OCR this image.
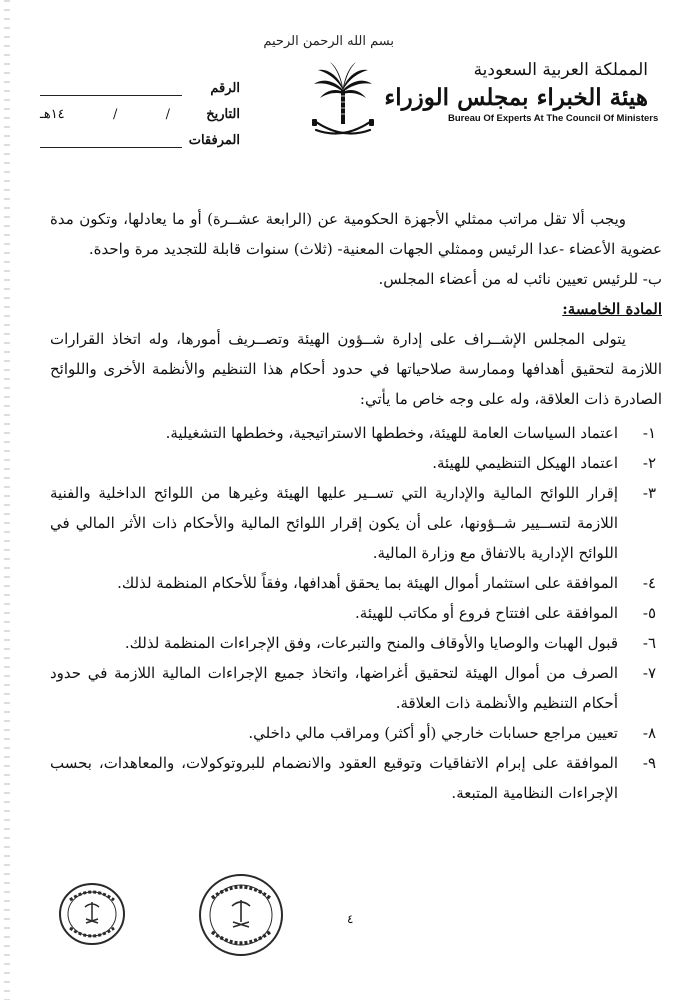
بسم الله الرحمن الرحيم
الرقم
التاريخ
/
/
١٤هـ
المرفقات
المملكة العربية السعودية
هيئة الخبراء بمجلس الوزراء
Bureau Of Experts At The Council Of Ministers

ويجب ألا تقل مراتب ممثلي الأجهزة الحكومية عن (الرابعة عشــرة) أو ما يعادلها، وتكون مدة عضوية الأعضاء -عدا الرئيس وممثلي الجهات المعنية- (ثلاث) سنوات قابلة للتجديد مرة واحدة.

ب- للرئيس تعيين نائب له من أعضاء المجلس.

المادة الخامسة:

يتولى المجلس الإشــراف على إدارة شــؤون الهيئة وتصــريف أمورها، وله اتخاذ القرارات اللازمة لتحقيق أهدافها وممارسة صلاحياتها في حدود أحكام هذا التنظيم والأنظمة الأخرى واللوائح الصادرة ذات العلاقة، وله على وجه خاص ما يأتي:

١-
اعتماد السياسات العامة للهيئة، وخططها الاستراتيجية، وخططها التشغيلية.
٢-
اعتماد الهيكل التنظيمي للهيئة.
٣-
إقرار اللوائح المالية والإدارية التي تســير عليها الهيئة وغيرها من اللوائح الداخلية والفنية اللازمة لتســيير شــؤونها، على أن يكون إقرار اللوائح المالية والأحكام ذات الأثر المالي في اللوائح الإدارية بالاتفاق مع وزارة المالية.
٤-
الموافقة على استثمار أموال الهيئة بما يحقق أهدافها، وفقاً للأحكام المنظمة لذلك.
٥-
الموافقة على افتتاح فروع أو مكاتب للهيئة.
٦-
قبول الهبات والوصايا والأوقاف والمنح والتبرعات، وفق الإجراءات المنظمة لذلك.
٧-
الصرف من أموال الهيئة لتحقيق أغراضها، واتخاذ جميع الإجراءات المالية اللازمة في حدود أحكام التنظيم والأنظمة ذات العلاقة.
٨-
تعيين مراجع حسابات خارجي (أو أكثر) ومراقب مالي داخلي.
٩-
الموافقة على إبرام الاتفاقيات وتوقيع العقود والانضمام للبروتوكولات، والمعاهدات، بحسب الإجراءات النظامية المتبعة.
٤
